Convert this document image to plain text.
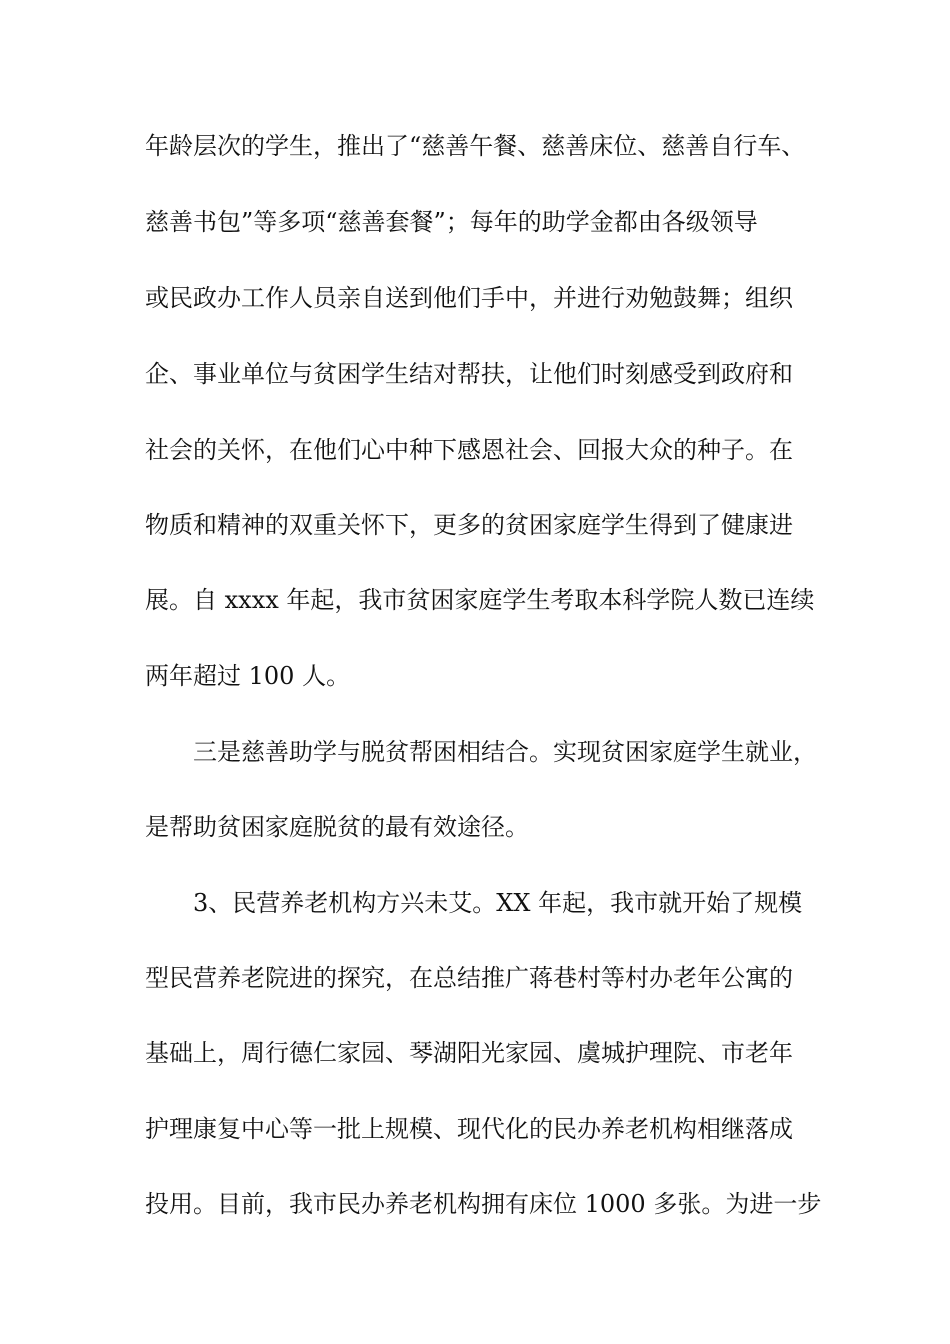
年龄层次的学生，推出了“慈善午餐、慈善床位、慈善自行车、
慈善书包”等多项“慈善套餐”；每年的助学金都由各级领导
或民政办工作人员亲自送到他们手中，并进行劝勉鼓舞；组织
企、事业单位与贫困学生结对帮扶，让他们时刻感受到政府和
社会的关怀，在他们心中种下感恩社会、回报大众的种子。在
物质和精神的双重关怀下，更多的贫困家庭学生得到了健康进
展。自 xxxx 年起，我市贫困家庭学生考取本科学院人数已连续
两年超过 100 人。
三是慈善助学与脱贫帮困相结合。实现贫困家庭学生就业，
是帮助贫困家庭脱贫的最有效途径。
3、民营养老机构方兴未艾。XX 年起，我市就开始了规模
型民营养老院进的探究，在总结推广蒋巷村等村办老年公寓的
基础上，周行德仁家园、琴湖阳光家园、虞城护理院、市老年
护理康复中心等一批上规模、现代化的民办养老机构相继落成
投用。目前，我市民办养老机构拥有床位 1000 多张。为进一步
